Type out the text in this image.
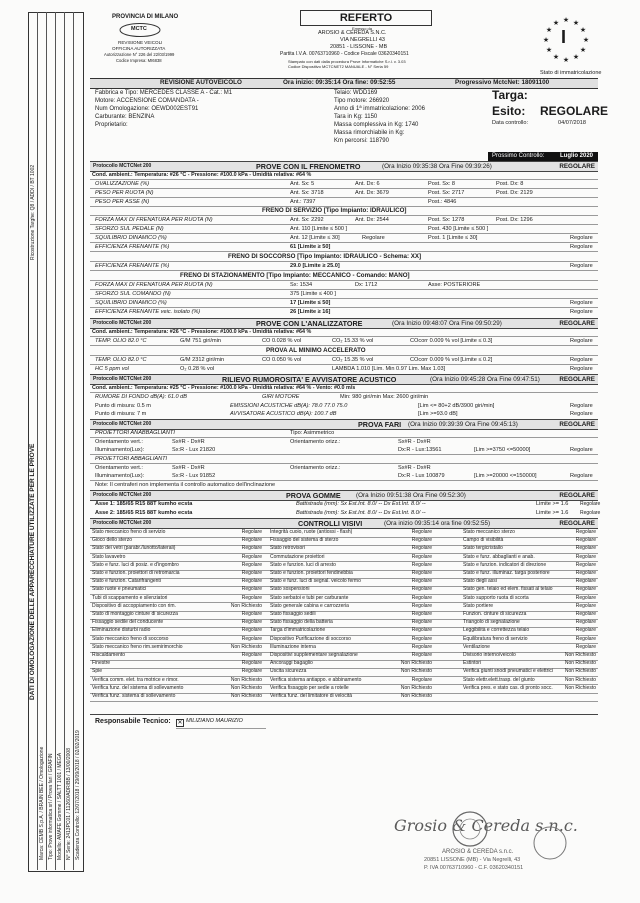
DATI DI OMOLOGAZIONE DELLE APPARECCHIATURE UTILIZZATE PER LE PROVE
Marca: CEMB S.p.A. / BRAIN BEE / Omologazione Tipo: Prove informatica srl / Prova fari / GRAFIN Modello: AMAFE Gomme / SALTT 1001 / MEGA N° Serie: 2413PC01 / 11260/ADR/BB / 13/00/2008 Scadenza Controllo: 12/07/2018 / 29/09/2018 / 02/02/2019
Ricostruzione Targhe: Q8 / ADDI / BT 1002
PROVINCIA DI MILANO
MCTC
REVISIONE VEICOLI
OFFICINA AUTORIZZATA
Autorizzazione N° 226 del 22/03/1999
Codice Impresa: MI6838
REFERTO
Emesso da
AROSIO & CEREDA S.N.C.
VIA NEGRELLI 43
20851 - LISSONE - MB
Partita I.V.A. 00763710960 - Codice Fiscale 03620340151
Stampato con dati dalla procedura Prove Informatiche S.r.l. v. 3.03
Codice Dispositivo MCTCNET2 MANUALE - N° Seria 59
★ ★
★
★
★
★
★
★
★
★
★
★
I
Stato di immatricolazione
REVISIONE AUTOVEICOLO	Ora inizio: 09:35:14 Ora fine: 09:52:55	Progressivo MctcNet: 18091100
Fabbrica e Tipo: MERCEDES CLASSE A - Cat.: M1
Motore: ACCENSIONE COMANDATA -
Num Omologazione: OEWD002EST91
Carburante: BENZINA
Proprietario:
Telaio: WDD169
Tipo motore: 266920
Anno di 1ª immatricolazione: 2006
Tara in Kg: 1150
Massa complessiva in Kg: 1740
Massa rimorchiabile in Kg:
Km percorsi: 118790
Targa:
Esito: REGOLARE
Data controllo:	04/07/2018
Prossimo Controllo:	Luglio 2020
Protocollo MCTCNet 200	PROVE CON IL FRENOMETRO	(Ora Inizio 09:35:38 Ora Fine 09:39:26)	REGOLARE
Cond. ambient.: Temperatura: #26 °C - Pressione: #100.0 kPa - Umidità relativa: #64 %
OVALIZZAZIONE (%)	Ant. Sx: 5	Ant. Dx: 6	Post. Sx: 8	Post. Dx: 8
PESO PER RUOTA (N)	Ant. Sx: 3718	Ant. Dx: 3679	Post. Sx: 2717	Post. Dx: 2129
PESO PER ASSE (N)	Ant.: 7397	Post.: 4846
FRENO DI SERVIZIO [Tipo Impianto: IDRAULICO]
FORZA MAX DI FRENATURA PER RUOTA (N)	Ant. Sx: 2292	Ant. Dx: 2544	Post. Sx: 1278	Post. Dx: 1296
SFORZO SUL PEDALE (N)	Ant. 110 [Limite ≤ 500 ]	Post. 430 [Limite ≤ 500 ]
SQUILIBRIO DINAMICO (%)	Ant. 12 [Limite ≤ 30]	Regolare	Post. 1 [Limite ≤ 30]	Regolare
EFFICIENZA FRENANTE (%)	61 [Limite ≥ 50]	Regolare
FRENO DI SOCCORSO [Tipo Impianto: IDRAULICO - Schema: XX]
EFFICIENZA FRENANTE (%)	29.0 [Limite ≥ 25.0]	Regolare
FRENO DI STAZIONAMENTO [Tipo Impianto: MECCANICO - Comando: MANO]
FORZA MAX DI FRENATURA PER RUOTA (N)	Sx: 1534	Dx: 1712	Asse: POSTERIORE
SFORZO SUL COMANDO (N)	375 [Limite ≤ 400 ]
SQUILIBRIO DINAMICO (%)	17 [Limite ≤ 50]	Regolare
EFFICIENZA FRENANTE veic. isolato (%)	26 [Limite ≥ 16]	Regolare
Protocollo MCTCNet 200	PROVE CON L'ANALIZZATORE	(Ora Inizio 09:48:07 Ora Fine 09:50:29)	REGOLARE
Cond. ambient.: Temperatura: #26 °C - Pressione: #100.0 kPa - Umidità relativa: #64 %
TEMP. OLIO 82.0 °C	G/M 751 giri/min	CO 0.028 % vol	CO₂ 15.33 % vol	COcorr 0.009 % vol [Limite ≤ 0.3]	Regolare
PROVA AL MINIMO ACCELERATO
TEMP. OLIO 82.0 °C	G/M 2312 giri/min	CO 0.050 % vol	CO₂ 15.35 % vol	COcorr 0.009 % vol [Limite ≤ 0.2]	Regolare
HC 5 ppm vol	O₂ 0.28 % vol	LAMBDA 1.010 [Lim. Min 0.97 Lim. Max 1.03]	Regolare
Protocollo MCTCNet 200	RILIEVO RUMOROSITA' E AVVISATORE ACUSTICO	(Ora Inizio 09:45:28 Ora Fine 09:47:51)	REGOLARE
Cond. ambient.: Temperatura: #25 °C - Pressione: #100.0 kPa - Umidità relativa: #64 % - Vento: #0.0 m/s
RUMORE DI FONDO dB(A): 61.0 dB	GIRI MOTORE	Min: 980 giri/min Max: 2600 giri/min
Punto di misura: 0.5 m	EMISSIONI ACUSTICHE dB(A): 78.0 77.0 75.0	[Lim <= 80+2 dB/3900 giri/min]	Regolare
Punto di misura: 7 m	AVVISATORE ACUSTICO dB(A): 100.7 dB	[Lim >=93.0 dB]	Regolare
Protocollo MCTCNet 200	PROVA FARI (Ora Inizio 09:39:39 Ora Fine 09:45:13)	REGOLARE
PROIETTORI ANABBAGLIANTI	Tipo: Asimmetrico
Orientamento vert.:	Sx#R - Dx#R	Orientamento orizz.:	Sx#R - Dx#R
Illuminamento(Lux):	Sx:R - Lux 21820	Dx:R - Lux:13561	[Lim >=3750 <=50000]	Regolare
PROIETTORI ABBAGLIANTI
Orientamento vert.:	Sx#R - Dx#R	Orientamento orizz.:	Sx#R - Dx#R
Illuminamento(Lux):	Sx:R - Lux 91852	Dx:R - Lux 100879	[Lim >=20000 <=150000]	Regolare
Note: Il centraferi non implementa il controllo automatico dell'inclinazione
Protocollo MCTCNet 200	PROVA GOMME (Ora Inizio 09:51:38 Ora Fine 09:52:30)	REGOLARE
Asse 1: 185/65 R15 88T kumho ecsta	Battistrada (mm): Sx Est.Int. 8.0/ -- Dx Est.Int. 8.0/ --	Limite >= 1.6 Regolare
Asse 2: 185/65 R15 88T kumho ecsta	Battistrada (mm): Sx Est.Int. 8.0/ -- Dx Est.Int. 8.0/ --	Limite >= 1.6 Regolare
Protocollo MCTCNet 200	CONTROLLI VISIVI	(Ora inizio 09:35:14 ora fine 09:52:55)	REGOLARE
Stato meccanico freno di servizio	Regolare Integrità cuoio, ruote (antiossi - flash)	Regolare	Stato meccanico sterzo	Regolare
Gioco dello sterzo	Regolare Fissaggio del sistema di sterzo	Regolare	Campo di visibilità	Regolare
Stato dei vetri (parabr./lunotto/laterali)	Regolare Stato retrovisori	Regolare	Stato tergicristallo	Regolare
Stato lavavetro	Regolare Commutazione proiettori	Regolare	Stato e funz. abbaglianti e anab.	Regolare
Stato e funz. luci di posiz. e d'ingombro	Regolare Stato e funzion. luci di arresto	Regolare	Stato e funzion. indicatori di direzione	Regolare
Stato e funzion. proiettori di retromarcia	Regolare Stato e funzion. proiettori fendinebbia	Regolare	Stato e funz. illuminaz. targa posteriore	Regolare
Stato e funzion. Catarifrangenti	Regolare Stato e funz. luci di segnal. veicolo fermo	Regolare	Stato degli assi	Regolare
Stato ruote e pneumatici	Regolare Stato sospensioni	Regolare	Stato gen. telaio ed elem. fissati al telaio	Regolare
Tubi di scappamento e silenziatori	Regolare Stato serbatoi e tubi per carburante	Regolare	Stato supporto ruota di scorta	Regolare
Dispositivo di accoppiamento con rim.	Non Richiesto Stato generale cabina e carrozzeria	Regolare	Stato portiere	Regolare
Stato di montaggio cinture di sicurezza	Regolare Stato fissaggio sedili	Regolare	Funzion. cinture di sicurezza	Regolare
Fissaggio sedile del conducente	Regolare Stato fissaggio della batteria	Regolare	Triangolo di segnalazione	Regolare
Eliminazione disturbi radio	Regolare Targa d'immatricolazione	Regolare	Leggibilità e correttezza telaio	Regolare
Stato meccanico freno di soccorso	Regolare Dispositivo Purificazione di soccorso	Regolare	Equilibratura freno di servizio	Regolare
Stato meccanico freno rim.semirimorchio	Non Richiesto Illuminazione interna	Regolare	Ventilazione	Regolare
Riscaldamento	Regolare Dispositivi supplementare segnalazione	Regolare	Divisorio interno/veicolo	Non Richiesto
Finestre	Regolare Ancoraggi bagaglio	Non Richiesto	Estintori	Non Richiesto
Spie	Regolare Uscita sicurezza	Non Richiesto	Verifica giunti snodi pneumatici e elettrici Non Richiesto
Verifica comm. elet. tra motrice e rimor.	Non Richiesto Verifica sistema antiappo. e abbinamento	Regolare	Stato elettr.elett.trasp. del giunto	Non Richiesto
Verifica funz. del sistema di sollevamento	Non Richiesto Verifica fissaggio per sedie a rotelle	Non Richiesto	Verifica pres. e stato cas. di pronto socc. Non Richiesto
Verifica funz. sistema di sollevamento	Non Richiesto Verifica funz. del limitatore di velocità	Non Richiesto
Responsabile Tecnico: ✕ MILIZIANO MAURIZIO
Grosio & Cereda s.n.c.
AROSIO & CEREDA s.n.c.
20851 LISSONE (MB) - Via Negrelli, 43
P. IVA 00763710960 - C.F. 03620340151
